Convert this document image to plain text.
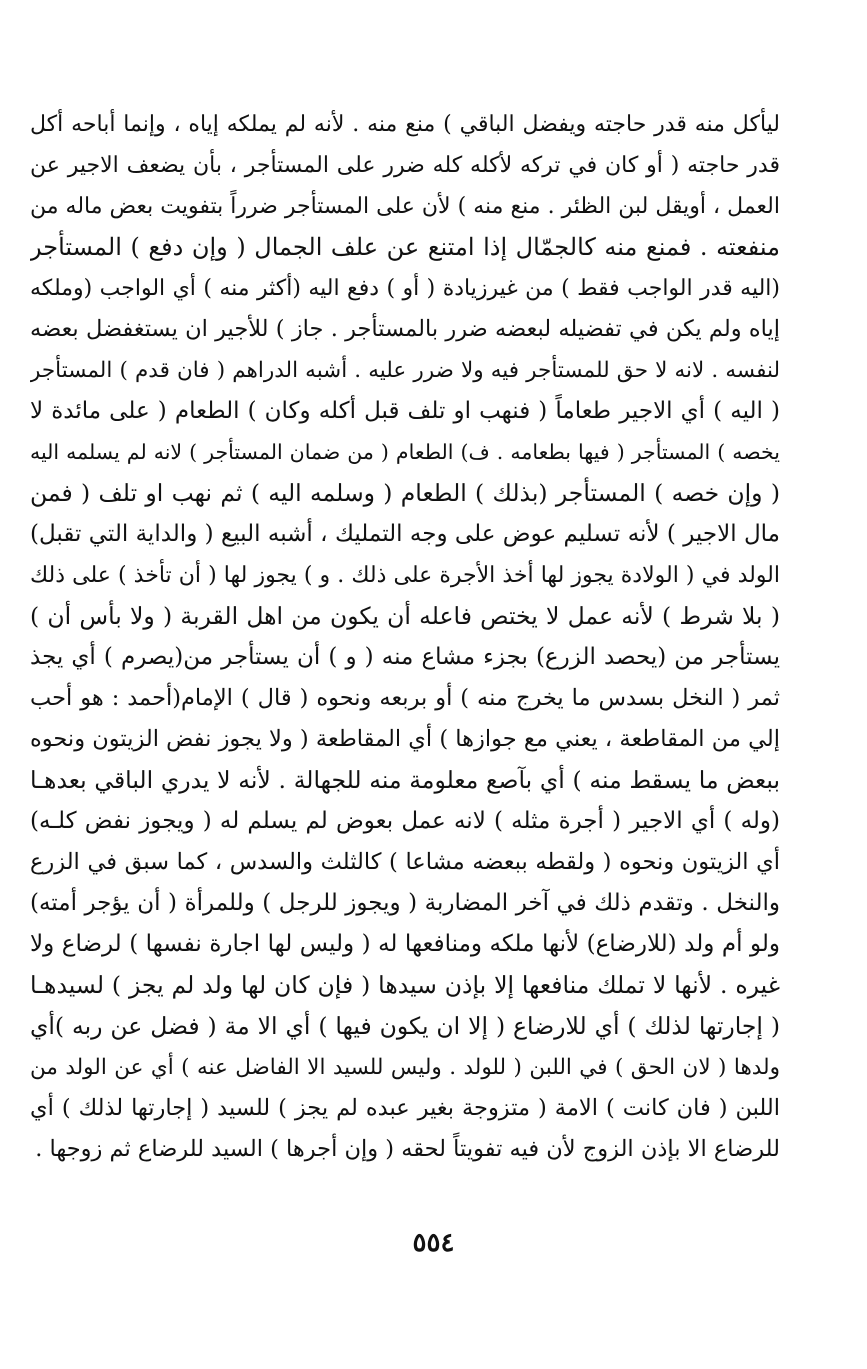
ليأكل منه قدر حاجته ويفضل الباقي ) منع منه . لأنه لم يملكه إياه ، وإنما أباحه أكل
قدر حاجته ( أو كان في تركه لأكله كله ضرر على المستأجر ، بأن يضعف الاجير عن
العمل ، أويقل لبن الظئر . منع منه ) لأن على المستأجر ضرراً بتفويت بعض ماله من
منفعته . فمنع منه كالجمّال إذا امتنع عن علف الجمال ( وإن دفع ) المستأجر
(اليه قدر الواجب فقط ) من غيرزيادة ( أو ) دفع اليه (أكثر منه ) أي الواجب (وملكه
إياه ولم يكن في تفضيله لبعضه ضرر بالمستأجر . جاز ) للأجير ان يستغفضل بعضه
لنفسه . لانه لا حق للمستأجر فيه ولا ضرر عليه . أشبه الدراهم ( فان قدم ) المستأجر
( اليه ) أي الاجير طعاماً ( فنهب او تلف قبل أكله وكان ) الطعام ( على مائدة لا
يخصه ) المستأجر ( فيها بطعامه . ف) الطعام ( من ضمان المستأجر ) لانه لم يسلمه اليه
( وإن خصه ) المستأجر (بذلك ) الطعام ( وسلمه اليه ) ثم نهب او تلف ( فمن
مال الاجير ) لأنه تسليم عوض على وجه التمليك ، أشبه البيع ( والداية التي تقبل)
الولد في ( الولادة يجوز لها أخذ الأجرة على ذلك . و ) يجوز لها ( أن تأخذ ) على ذلك
( بلا شرط ) لأنه عمل لا يختص فاعله أن يكون من اهل القربة ( ولا بأس أن )
يستأجر من (يحصد الزرع) بجزء مشاع منه ( و ) أن يستأجر من(يصرم ) أي يجذ
ثمر ( النخل بسدس ما يخرج منه ) أو بربعه ونحوه ( قال ) الإمام(أحمد : هو أحب
إلي من المقاطعة ، يعني مع جوازها ) أي المقاطعة ( ولا يجوز نفض الزيتون ونحوه
ببعض ما يسقط منه ) أي بآصع معلومة منه للجهالة . لأنه لا يدري الباقي بعدهـا
(وله ) أي الاجير ( أجرة مثله ) لانه عمل بعوض لم يسلم له ( ويجوز نفض كلـه)
أي الزيتون ونحوه ( ولقطه ببعضه مشاعا ) كالثلث والسدس ، كما سبق في الزرع
والنخل . وتقدم ذلك في آخر المضاربة ( ويجوز للرجل ) وللمرأة ( أن يؤجر أمته)
ولو أم ولد (للارضاع) لأنها ملكه ومنافعها له ( وليس لها اجارة نفسها ) لرضاع ولا
غيره . لأنها لا تملك منافعها إلا بإذن سيدها ( فإن كان لها ولد لم يجز ) لسيدهـا
( إجارتها لذلك ) أي للارضاع ( إلا ان يكون فيها ) أي الا مة ( فضل عن ربه )أي
ولدها ( لان الحق ) في اللبن ( للولد . وليس للسيد الا الفاضل عنه ) أي عن الولد من
اللبن ( فان كانت ) الامة ( متزوجة بغير عبده لم يجز ) للسيد ( إجارتها لذلك ) أي
للرضاع الا بإذن الزوج لأن فيه تفويتاً لحقه ( وإن أجرها ) السيد للرضاع ثم زوجها .
٥٥٤
